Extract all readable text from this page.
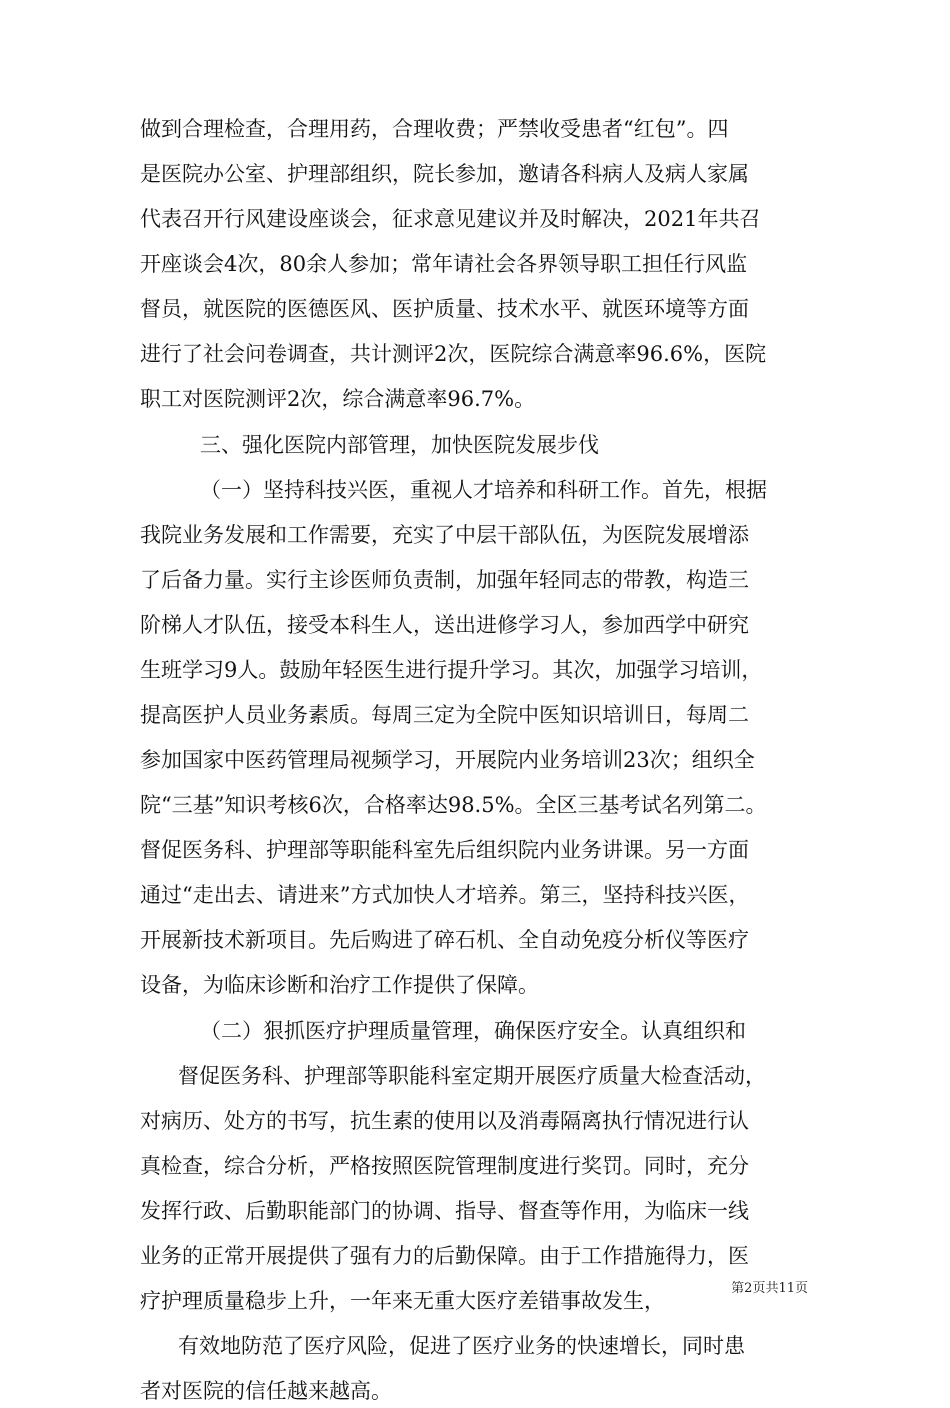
做到合理检查，合理用药，合理收费；严禁收受患者“红包”。四
是医院办公室、护理部组织，院长参加，邀请各科病人及病人家属
代表召开行风建设座谈会，征求意见建议并及时解决，2021年共召
开座谈会4次，80余人参加；常年请社会各界领导职工担任行风监
督员，就医院的医德医风、医护质量、技术水平、就医环境等方面
进行了社会问卷调查，共计测评2次，医院综合满意率96.6%，医院
职工对医院测评2次，综合满意率96.7%。
三、强化医院内部管理，加快医院发展步伐
（一）坚持科技兴医，重视人才培养和科研工作。首先，根据
我院业务发展和工作需要，充实了中层干部队伍，为医院发展增添
了后备力量。实行主诊医师负责制，加强年轻同志的带教，构造三
阶梯人才队伍，接受本科生人，送出进修学习人，参加西学中研究
生班学习9人。鼓励年轻医生进行提升学习。其次，加强学习培训，
提高医护人员业务素质。每周三定为全院中医知识培训日，每周二
参加国家中医药管理局视频学习，开展院内业务培训23次；组织全
院“三基”知识考核6次，合格率达98.5%。全区三基考试名列第二。
督促医务科、护理部等职能科室先后组织院内业务讲课。另一方面
通过“走出去、请进来”方式加快人才培养。第三，坚持科技兴医，
开展新技术新项目。先后购进了碎石机、全自动免疫分析仪等医疗
设备，为临床诊断和治疗工作提供了保障。
（二）狠抓医疗护理质量管理，确保医疗安全。认真组织和
督促医务科、护理部等职能科室定期开展医疗质量大检查活动，
对病历、处方的书写，抗生素的使用以及消毒隔离执行情况进行认
真检查，综合分析，严格按照医院管理制度进行奖罚。同时，充分
发挥行政、后勤职能部门的协调、指导、督查等作用，为临床一线
业务的正常开展提供了强有力的后勤保障。由于工作措施得力，医
疗护理质量稳步上升，一年来无重大医疗差错事故发生，
有效地防范了医疗风险，促进了医疗业务的快速增长，同时患
者对医院的信任越来越高。
第2页共11页
